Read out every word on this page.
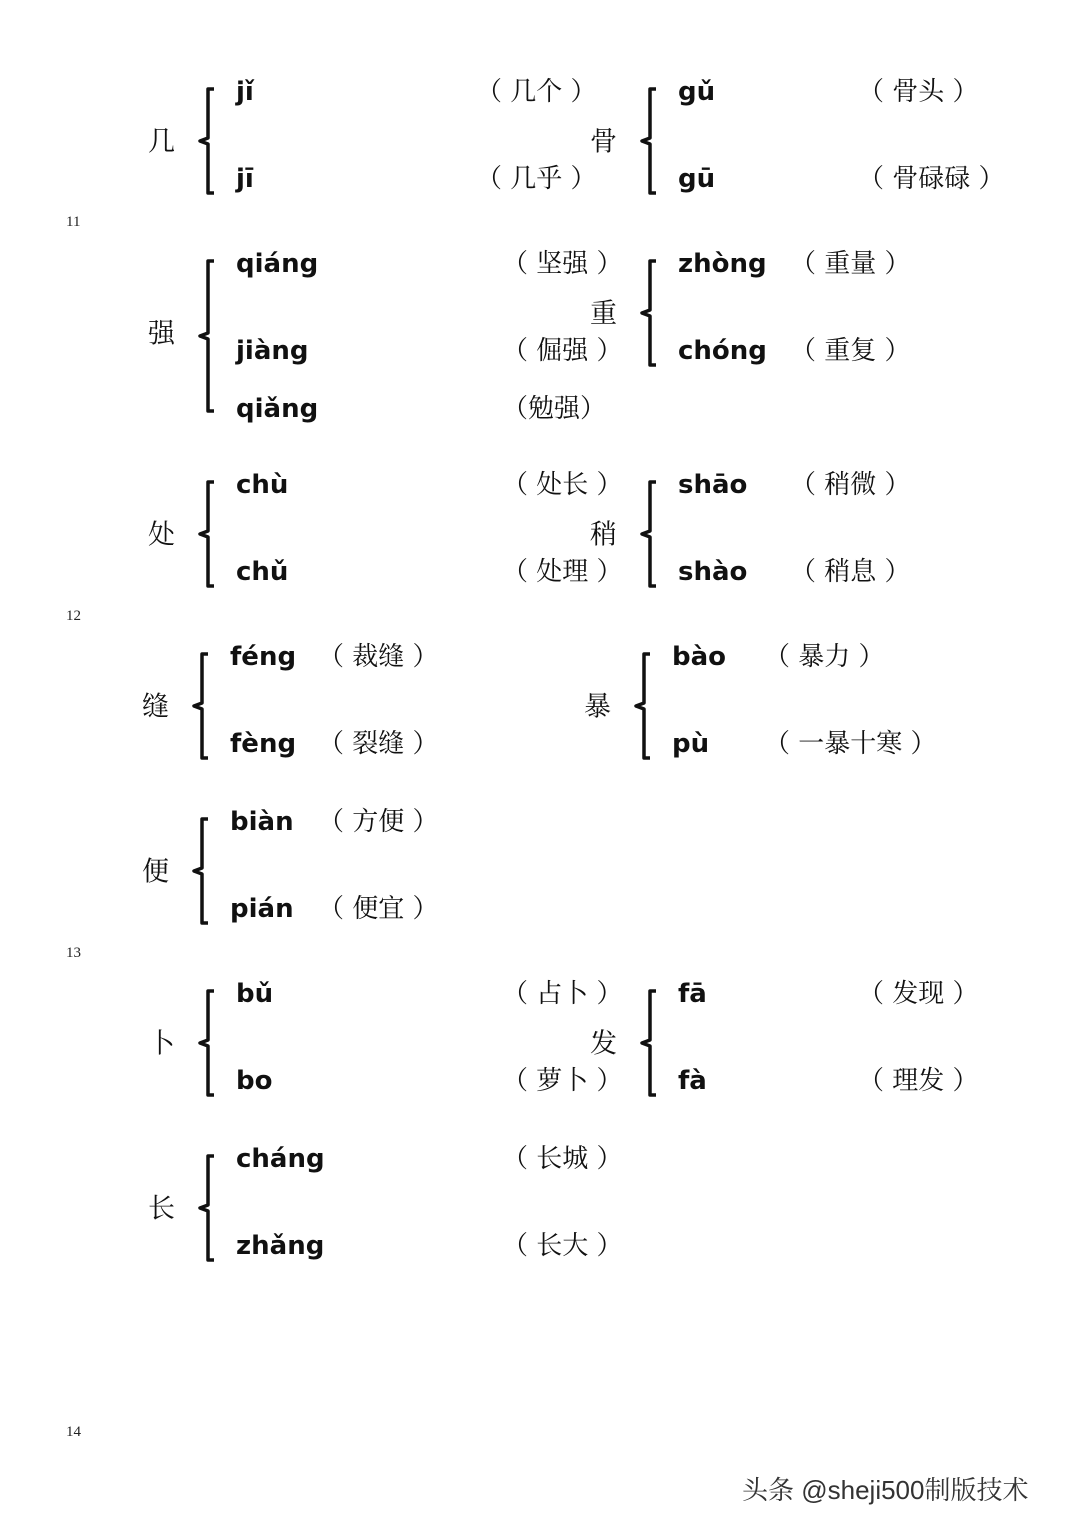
11
12
13
14
头条 @sheji500制版技术
几
jǐ	（ 几个 ）
jī	（ 几乎 ）
骨
gǔ	（ 骨头 ）
gū	（ 骨碌碌 ）
强
qiáng	（ 坚强 ）
jiàng	（ 倔强 ）
qiǎng	（勉强）
重
zhòng （ 重量 ）
chóng （ 重复 ）
处
chù	（ 处长 ）
chǔ	（ 处理 ）
稍
shāo （ 稍微 ）
shào （ 稍息 ）
缝
féng （ 裁缝 ）
fèng （ 裂缝 ）
暴
bào （ 暴力 ）
pù （ 一暴十寒 ）
便
biàn （ 方便 ）
pián （ 便宜 ）
卜
bǔ	（ 占卜 ）
bo	（ 萝卜 ）
发
fā	（ 发现 ）
fà	（ 理发 ）
长
cháng	（ 长城 ）
zhǎng	（ 长大 ）
